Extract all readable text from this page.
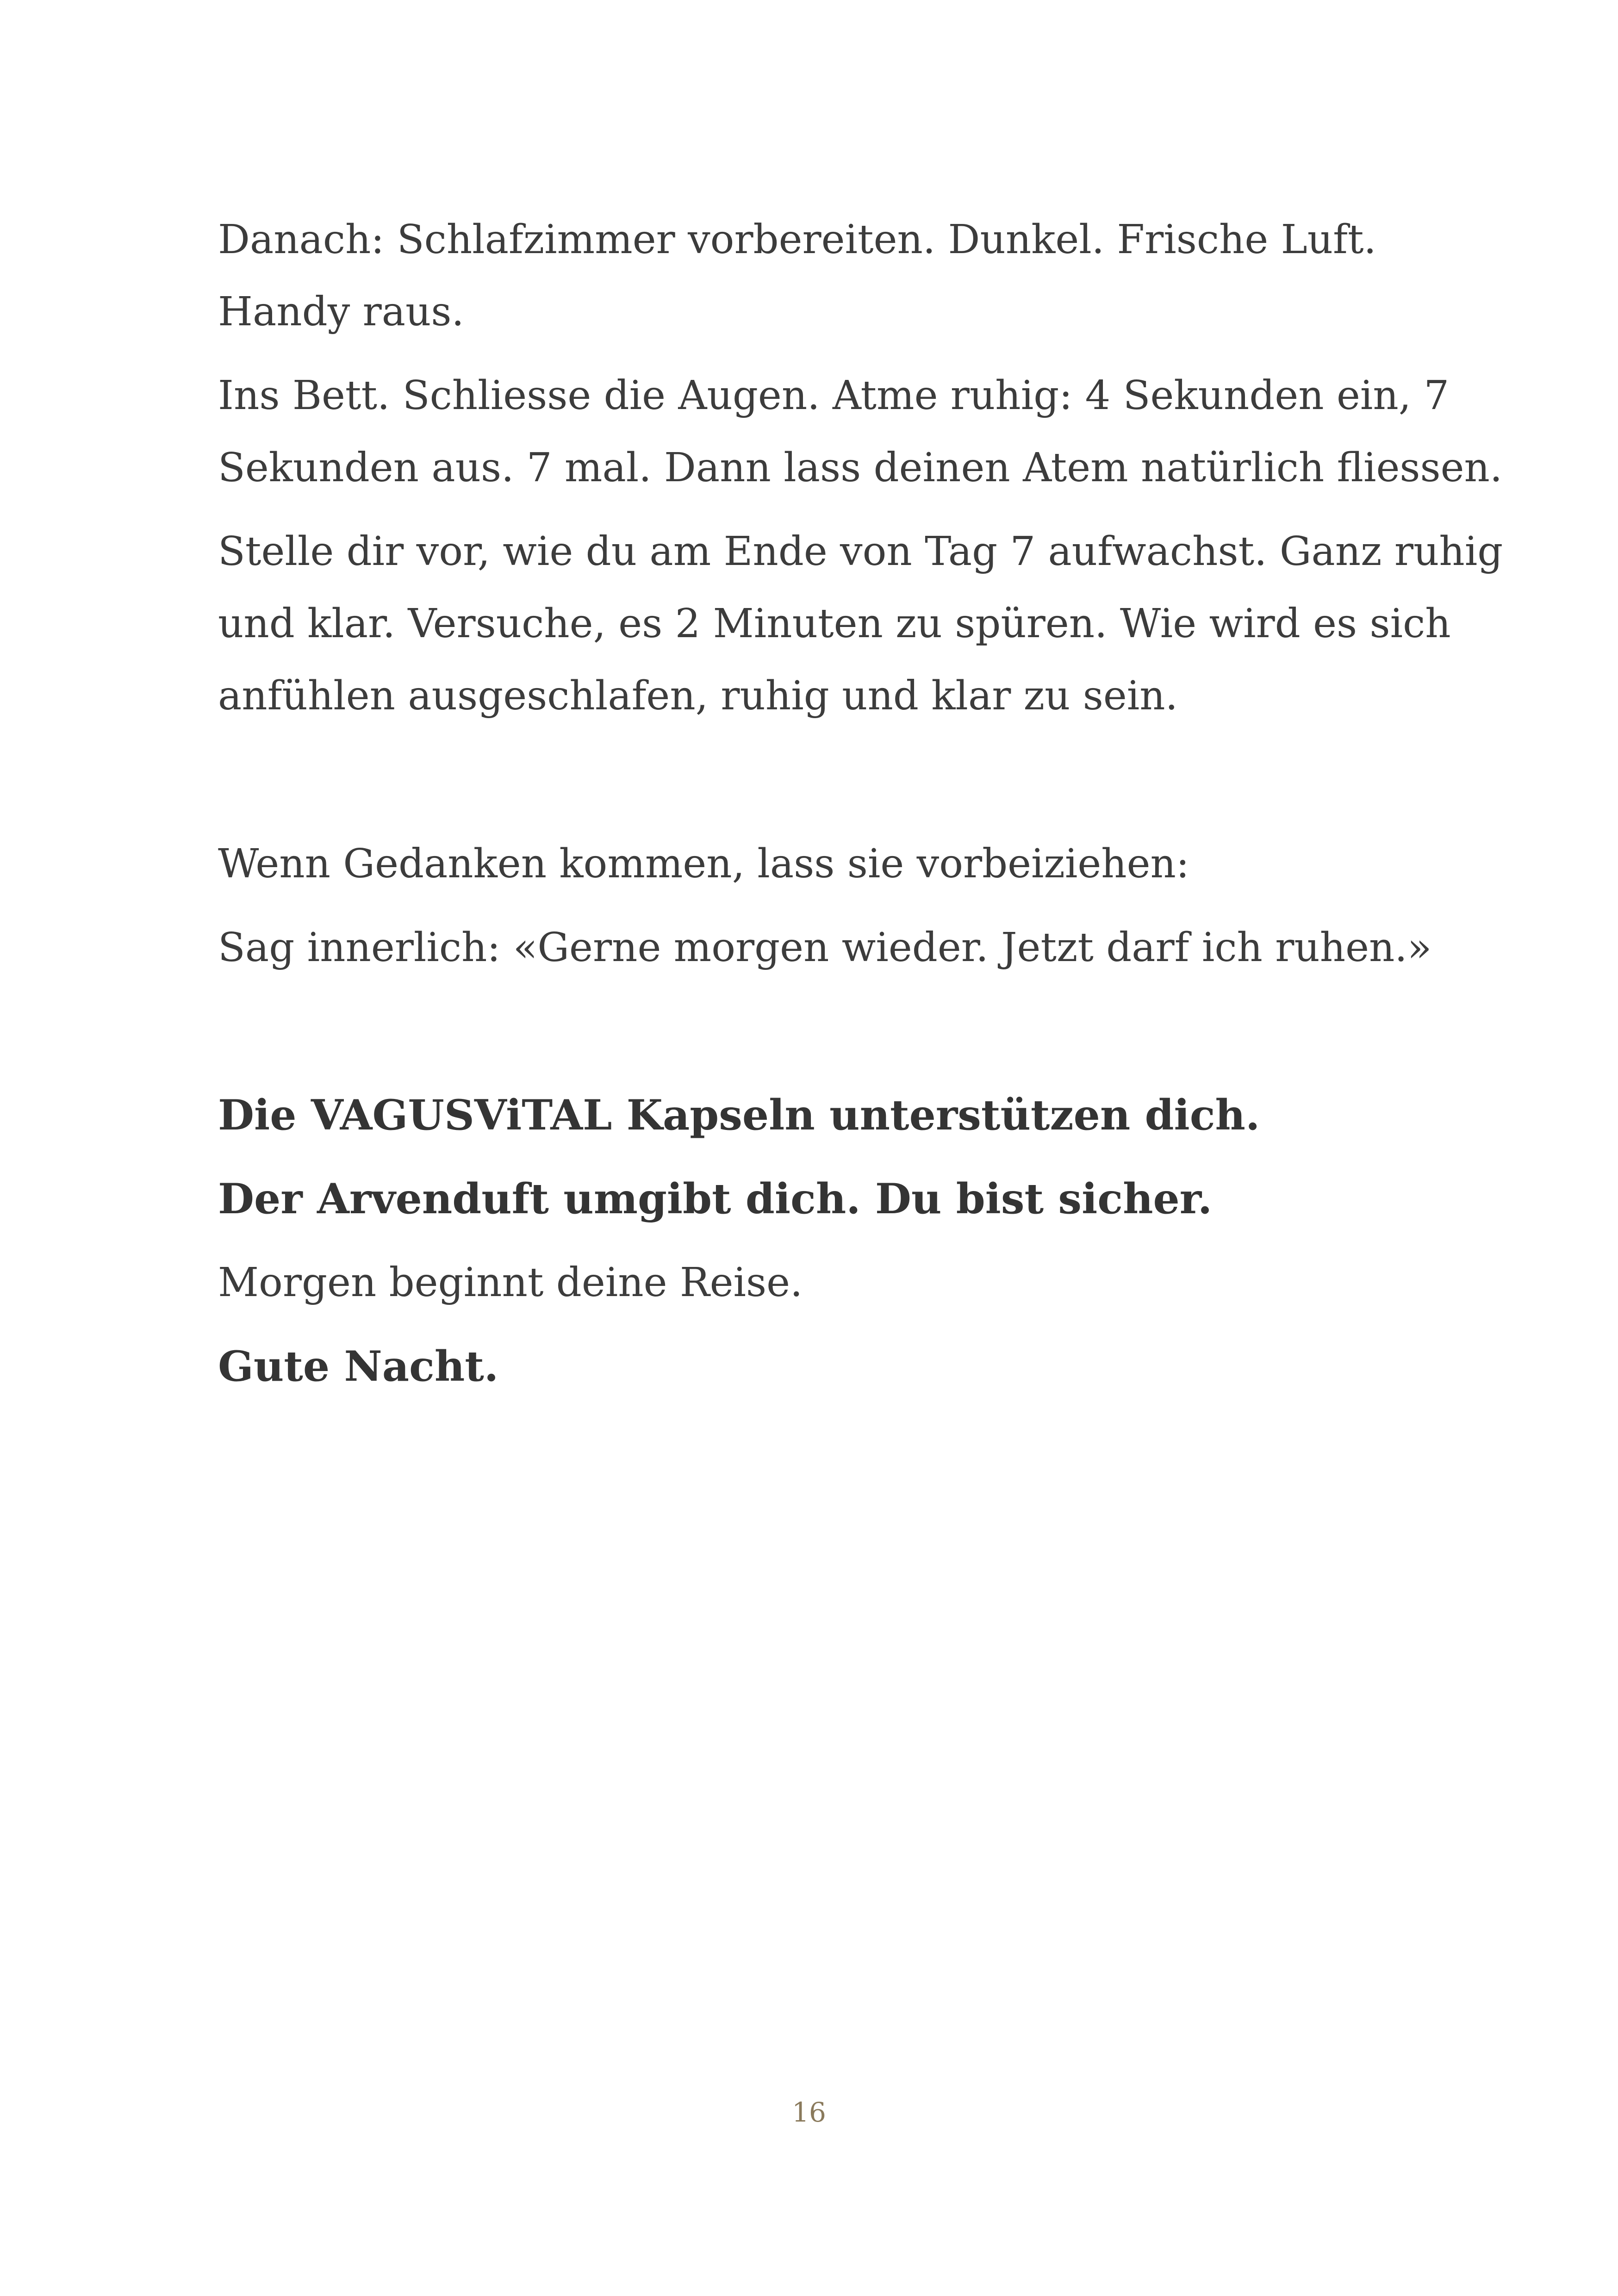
Danach: Schlafzimmer vorbereiten. Dunkel. Frische Luft.

Handy raus.

Ins Bett. Schliesse die Augen. Atme ruhig: 4 Sekunden ein, 7

Sekunden aus. 7 mal. Dann lass deinen Atem natürlich fliessen.

Stelle dir vor, wie du am Ende von Tag 7 aufwachst. Ganz ruhig

und klar. Versuche, es 2 Minuten zu spüren. Wie wird es sich

anfühlen ausgeschlafen, ruhig und klar zu sein.

Wenn Gedanken kommen, lass sie vorbeiziehen:

Sag innerlich: «Gerne morgen wieder. Jetzt darf ich ruhen.»

Die VAGUSViTAL Kapseln unterstützen dich.

Der Arvenduft umgibt dich. Du bist sicher.

Morgen beginnt deine Reise.

Gute Nacht.

16
